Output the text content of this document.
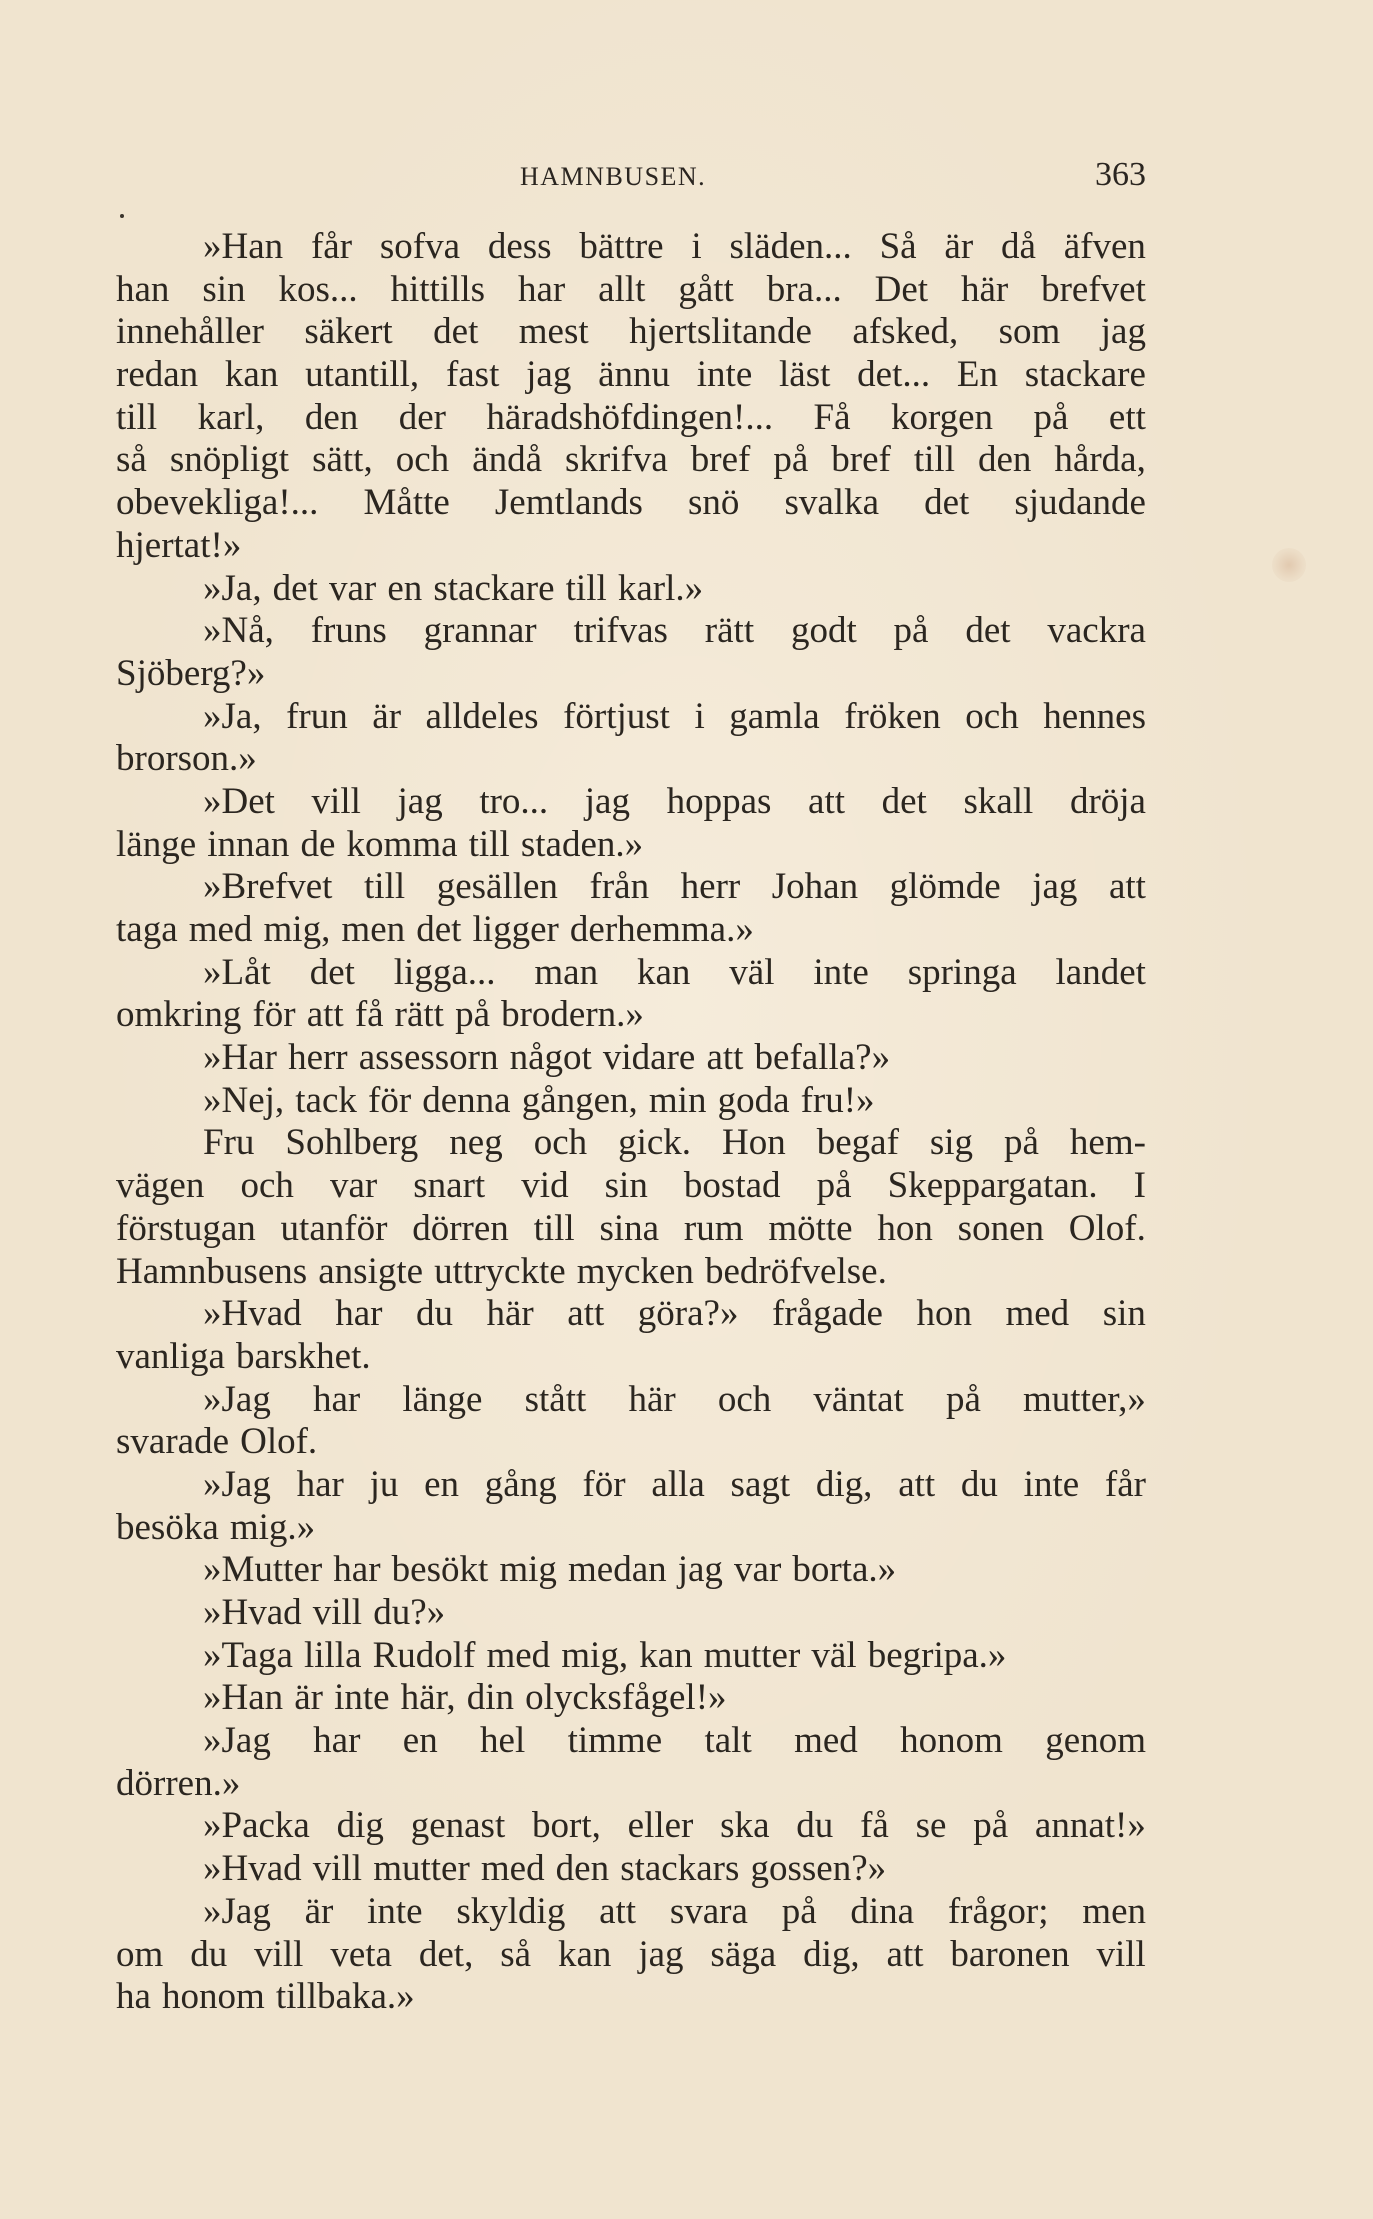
HAMNBUSEN.	363
»Han får sofva dess bättre i släden... Så är då äfven
han sin kos... hittills har allt gått bra... Det här brefvet
innehåller säkert det mest hjertslitande afsked, som jag
redan kan utantill, fast jag ännu inte läst det... En stackare
till karl, den der häradshöfdingen!... Få korgen på ett
så snöpligt sätt, och ändå skrifva bref på bref till den hårda,
obevekliga!... Måtte Jemtlands snö svalka det sjudande
hjertat!»
»Ja, det var en stackare till karl.»
»Nå, fruns grannar trifvas rätt godt på det vackra
Sjöberg?»
»Ja, frun är alldeles förtjust i gamla fröken och hennes
brorson.»
»Det vill jag tro... jag hoppas att det skall dröja
länge innan de komma till staden.»
»Brefvet till gesällen från herr Johan glömde jag att
taga med mig, men det ligger derhemma.»
»Låt det ligga... man kan väl inte springa landet
omkring för att få rätt på brodern.»
»Har herr assessorn något vidare att befalla?»
»Nej, tack för denna gången, min goda fru!»
Fru Sohlberg neg och gick. Hon begaf sig på hem-
vägen och var snart vid sin bostad på Skeppargatan. I
förstugan utanför dörren till sina rum mötte hon sonen Olof.
Hamnbusens ansigte uttryckte mycken bedröfvelse.
»Hvad har du här att göra?» frågade hon med sin
vanliga barskhet.
»Jag har länge stått här och väntat på mutter,»
svarade Olof.
»Jag har ju en gång för alla sagt dig, att du inte får
besöka mig.»
»Mutter har besökt mig medan jag var borta.»
»Hvad vill du?»
»Taga lilla Rudolf med mig, kan mutter väl begripa.»
»Han är inte här, din olycksfågel!»
»Jag har en hel timme talt med honom genom
dörren.»
»Packa dig genast bort, eller ska du få se på annat!»
»Hvad vill mutter med den stackars gossen?»
»Jag är inte skyldig att svara på dina frågor; men
om du vill veta det, så kan jag säga dig, att baronen vill
ha honom tillbaka.»
